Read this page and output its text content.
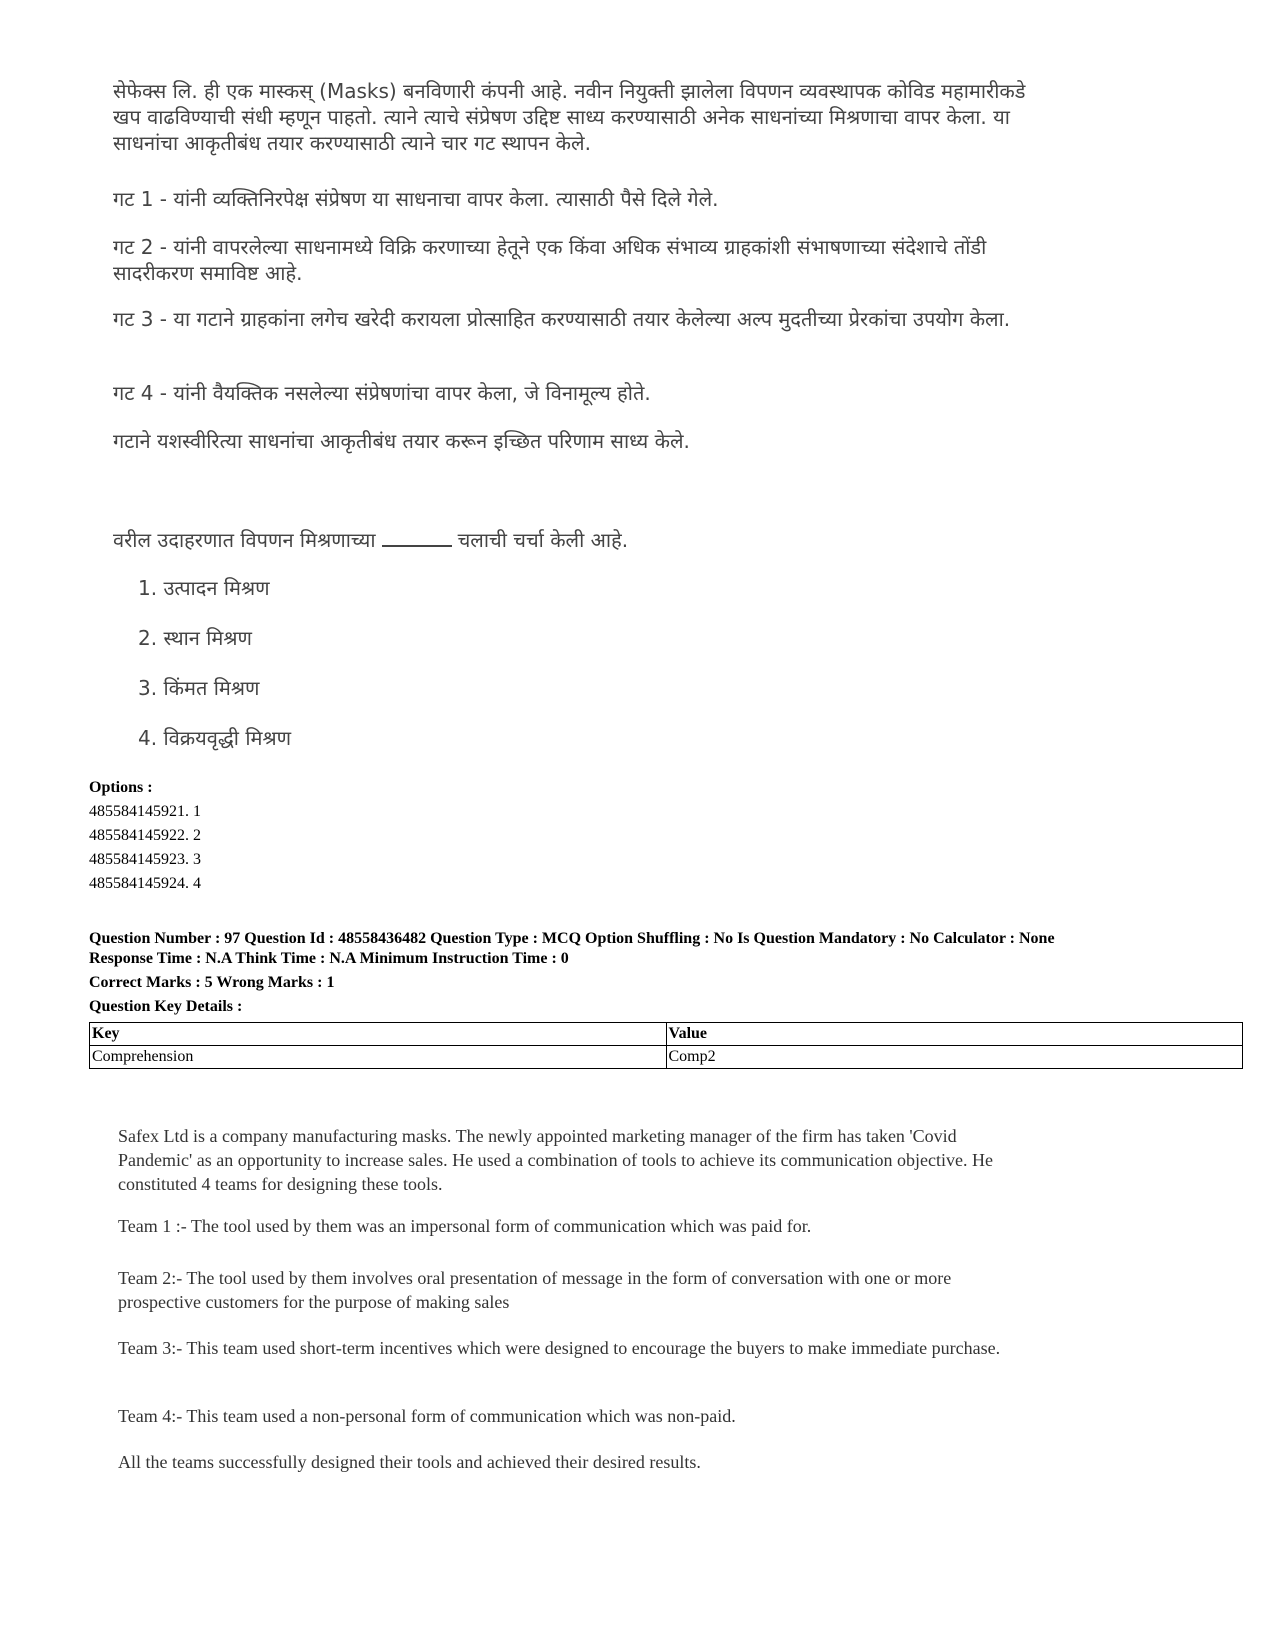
सेफेक्स लि. ही एक मास्कस् (Masks) बनविणारी कंपनी आहे. नवीन नियुक्ती झालेला विपणन व्यवस्थापक कोविड महामारीकडे खप वाढविण्याची संधी म्हणून पाहतो. त्याने त्याचे संप्रेषण उद्दिष्ट साध्य करण्यासाठी अनेक साधनांच्या मिश्रणाचा वापर केला. या साधनांचा आकृतीबंध तयार करण्यासाठी त्याने चार गट स्थापन केले.

गट 1 - यांनी व्यक्तिनिरपेक्ष संप्रेषण या साधनाचा वापर केला. त्यासाठी पैसे दिले गेले.

गट 2 - यांनी वापरलेल्या साधनामध्ये विक्रि करणाच्या हेतूने एक किंवा अधिक संभाव्य ग्राहकांशी संभाषणाच्या संदेशाचे तोंडी सादरीकरण समाविष्ट आहे.

गट 3 - या गटाने ग्राहकांना लगेच खरेदी करायला प्रोत्साहित करण्यासाठी तयार केलेल्या अल्प मुदतीच्या प्रेरकांचा उपयोग केला.

गट 4 - यांनी वैयक्तिक नसलेल्या संप्रेषणांचा वापर केला, जे विनामूल्य होते.

गटाने यशस्वीरित्या साधनांचा आकृतीबंध तयार करून इच्छित परिणाम साध्य केले.

वरील उदाहरणात विपणन मिश्रणाच्या	चलाची चर्चा केली आहे.
1. उत्पादन मिश्रण
2. स्थान मिश्रण
3. किंमत मिश्रण
4. विक्रयवृद्धी मिश्रण
Options :
485584145921. 1
485584145922. 2
485584145923. 3
485584145924. 4
Question Number : 97 Question Id : 48558436482 Question Type : MCQ Option Shuffling : No Is Question Mandatory : No Calculator : None
Response Time : N.A Think Time : N.A Minimum Instruction Time : 0
Correct Marks : 5 Wrong Marks : 1
Question Key Details :
Key	Value
Comprehension	Comp2

Safex Ltd is a company manufacturing masks. The newly appointed marketing manager of the firm has taken 'Covid Pandemic' as an opportunity to increase sales. He used a combination of tools to achieve its communication objective. He constituted 4 teams for designing these tools.

Team 1 :- The tool used by them was an impersonal form of communication which was paid for.

Team 2:- The tool used by them involves oral presentation of message in the form of conversation with one or more prospective customers for the purpose of making sales

Team 3:- This team used short-term incentives which were designed to encourage the buyers to make immediate purchase.

Team 4:- This team used a non-personal form of communication which was non-paid.

All the teams successfully designed their tools and achieved their desired results.
